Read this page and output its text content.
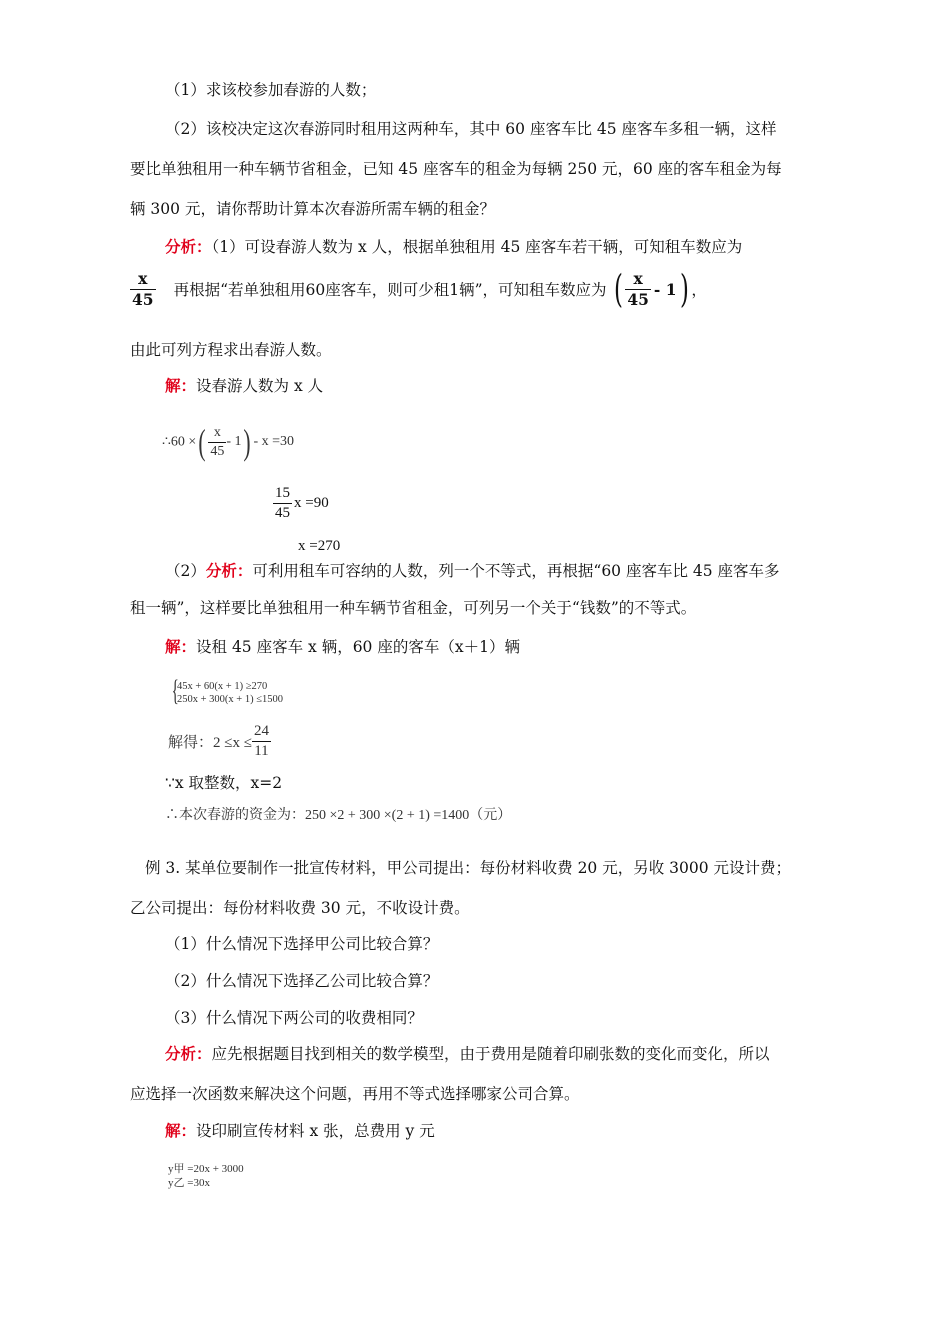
（1）求该校参加春游的人数；
（2）该校决定这次春游同时租用这两种车，其中 60 座客车比 45 座客车多租一辆，这样
要比单独租用一种车辆节省租金，已知 45 座客车的租金为每辆 250 元，60 座的客车租金为每
辆 300 元，请你帮助计算本次春游所需车辆的租金？
分析：（1）可设春游人数为 x 人，根据单独租用 45 座客车若干辆，可知租车数应为
$\frac{x}{45}$ 再根据“若单独租用60座客车，则可少租1辆”，可知租车数应为 ( $\frac{x}{45} - 1$) ，
由此可列方程求出春游人数。
解：设春游人数为 x 人
∴60 ×( $\frac{x}{45} - 1) - x =30$
$\frac{15}{45}$ x =90
x =270
（2）分析：可利用租车可容纳的人数，列一个不等式，再根据“60 座客车比 45 座客车多
租一辆”，这样要比单独租用一种车辆节省租金，可列另一个关于“钱数”的不等式。
解：设租 45 座客车 x 辆，60 座的客车（x＋1）辆
{
45x + 60(x + 1) ≥270
250x + 300(x + 1) ≤1500
解得：$2 \le x \le \frac{24}{11}$
∵x 取整数，x=2
∴本次春游的资金为：250 ×2 + 300 ×(2 + 1) =1400（元）
例 3. 某单位要制作一批宣传材料，甲公司提出：每份材料收费 20 元，另收 3000 元设计费；
乙公司提出：每份材料收费 30 元，不收设计费。
（1）什么情况下选择甲公司比较合算？
（2）什么情况下选择乙公司比较合算？
（3）什么情况下两公司的收费相同？
分析：应先根据题目找到相关的数学模型，由于费用是随着印刷张数的变化而变化，所以
应选择一次函数来解决这个问题，再用不等式选择哪家公司合算。
解：设印刷宣传材料 x 张，总费用 y 元
y甲 =20x + 3000
y乙 =30x
